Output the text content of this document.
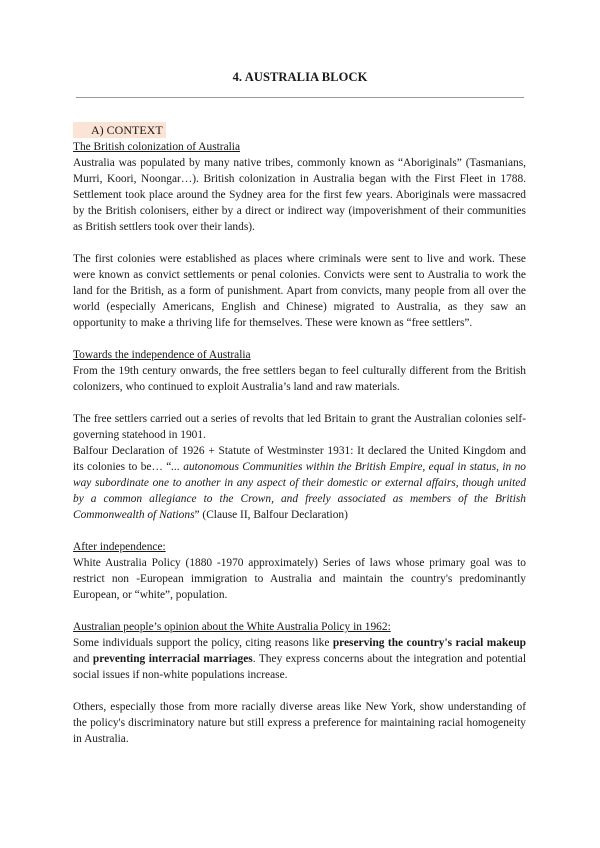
4. AUSTRALIA BLOCK
A) CONTEXT
The British colonization of Australia

Australia was populated by many native tribes, commonly known as “Aboriginals” (Tasmanians, Murri, Koori, Noongar…). British colonization in Australia began with the First Fleet in 1788. Settlement took place around the Sydney area for the first few years. Aboriginals were massacred by the British colonisers, either by a direct or indirect way (impoverishment of their communities as British settlers took over their lands).

The first colonies were established as places where criminals were sent to live and work. These were known as convict settlements or penal colonies. Convicts were sent to Australia to work the land for the British, as a form of punishment. Apart from convicts, many people from all over the world (especially Americans, English and Chinese) migrated to Australia, as they saw an opportunity to make a thriving life for themselves. These were known as “free settlers”.

Towards the independence of Australia

From the 19th century onwards, the free settlers began to feel culturally different from the British colonizers, who continued to exploit Australia’s land and raw materials.

The free settlers carried out a series of revolts that led Britain to grant the Australian colonies self-governing statehood in 1901.

Balfour Declaration of 1926 + Statute of Westminster 1931: It declared the United Kingdom and its colonies to be… “... autonomous Communities within the British Empire, equal in status, in no way subordinate one to another in any aspect of their domestic or external affairs, though united by a common allegiance to the Crown, and freely associated as members of the British Commonwealth of Nations” (Clause II, Balfour Declaration)

After independence:

White Australia Policy (1880 -1970 approximately) Series of laws whose primary goal was to restrict non -European immigration to Australia and maintain the country's predominantly European, or “white”, population.

Australian people’s opinion about the White Australia Policy in 1962:

Some individuals support the policy, citing reasons like preserving the country's racial makeup and preventing interracial marriages. They express concerns about the integration and potential social issues if non-white populations increase.

Others, especially those from more racially diverse areas like New York, show understanding of the policy's discriminatory nature but still express a preference for maintaining racial homogeneity in Australia.
